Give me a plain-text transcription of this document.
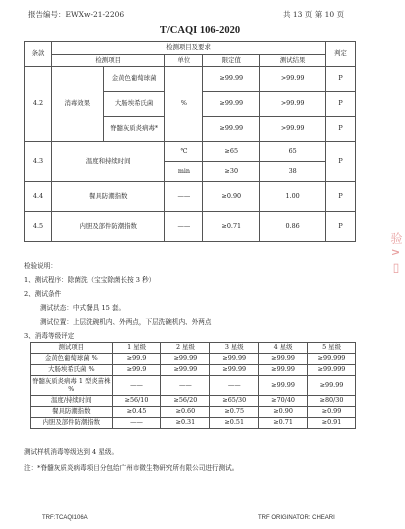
报告编号：EWXw-21-2206	共 13 页 第 10 页
T/CAQI 106-2020
条款	检测项目及要求					判定
	检测项目		单位	限定值	测试结果	
4.2	消毒效果	金黄色葡萄球菌	%	≥99.99	>99.99	P
		大肠埃希氏菌		≥99.99	>99.99	P
		脊髓灰质炎病毒*		≥99.99	>99.99	P
4.3	温度和持续时间		℃	≥65	65	P
			min	≥30	38	
4.4	餐具防潮指数		——	≥0.90	1.00	P
4.5	内胆及部件防潮指数		——	≥0.71	0.86	P
检验说明：
1、测试程序：除菌洗（宝宝除菌长按 3 秒）
2、测试条件
测试状态：中式餐具 15 套。
测试位置：上层洗碗机内、外两点，下层洗碗机内、外两点
3、消毒等级评定
测试项目	1 星级	2 星级	3 星级	4 星级	5 星级
金黄色葡萄球菌 %	≥99.9	≥99.99	≥99.99	≥99.99	≥99.999
大肠埃希氏菌 %	≥99.9	≥99.99	≥99.99	≥99.99	≥99.999
脊髓灰质炎病毒 1 型炎苗株 %	——	——	——	≥99.99	≥99.99
温度/持续时间	≥56/10	≥56/20	≥65/30	≥70/40	≥80/30
餐具防潮指数	≥0.45	≥0.60	≥0.75	≥0.90	≥0.99
内胆及部件防潮指数	——	≥0.31	≥0.51	≥0.71	≥0.91
测试样机消毒等级达到 4 星级。
注：*脊髓灰质炎病毒项目分包给广州市微生物研究所有限公司进行测试。
验 ∧ ▯
TRF:TCAQI106A	TRF ORIGINATOR: CHEARI
